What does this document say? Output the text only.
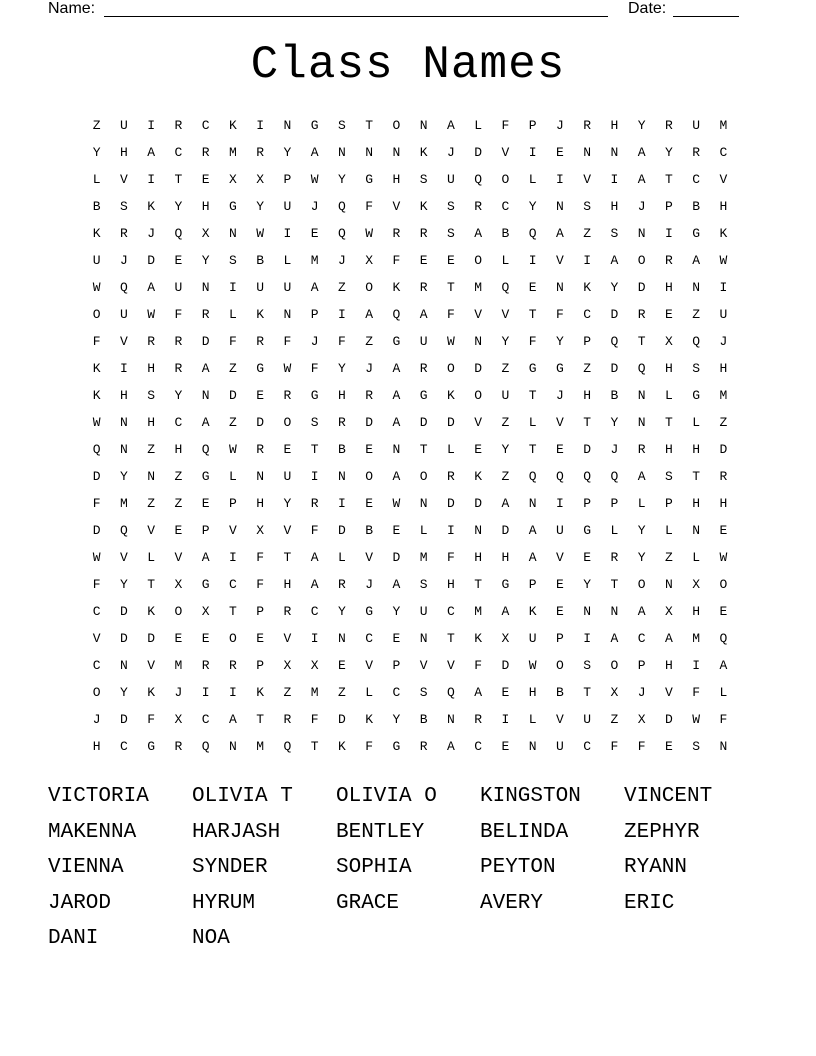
Name:	Date:
Class Names
Z	U	I	R	C	K	I	N	G	S	T	O	N	A	L	F	P	J	R	H	Y	R	U	M
Y	H	A	C	R	M	R	Y	A	N	N	N	K	J	D	V	I	E	N	N	A	Y	R	C
L	V	I	T	E	X	X	P	W	Y	G	H	S	U	Q	O	L	I	V	I	A	T	C	V
B	S	K	Y	H	G	Y	U	J	Q	F	V	K	S	R	C	Y	N	S	H	J	P	B	H
K	R	J	Q	X	N	W	I	E	Q	W	R	R	S	A	B	Q	A	Z	S	N	I	G	K
U	J	D	E	Y	S	B	L	M	J	X	F	E	E	O	L	I	V	I	A	O	R	A	W
W	Q	A	U	N	I	U	U	A	Z	O	K	R	T	M	Q	E	N	K	Y	D	H	N	I
O	U	W	F	R	L	K	N	P	I	A	Q	A	F	V	V	T	F	C	D	R	E	Z	U
F	V	R	R	D	F	R	F	J	F	Z	G	U	W	N	Y	F	Y	P	Q	T	X	Q	J
K	I	H	R	A	Z	G	W	F	Y	J	A	R	O	D	Z	G	G	Z	D	Q	H	S	H
K	H	S	Y	N	D	E	R	G	H	R	A	G	K	O	U	T	J	H	B	N	L	G	M
W	N	H	C	A	Z	D	O	S	R	D	A	D	D	V	Z	L	V	T	Y	N	T	L	Z
Q	N	Z	H	Q	W	R	E	T	B	E	N	T	L	E	Y	T	E	D	J	R	H	H	D
D	Y	N	Z	G	L	N	U	I	N	O	A	O	R	K	Z	Q	Q	Q	Q	A	S	T	R
F	M	Z	Z	E	P	H	Y	R	I	E	W	N	D	D	A	N	I	P	P	L	P	H	H
D	Q	V	E	P	V	X	V	F	D	B	E	L	I	N	D	A	U	G	L	Y	L	N	E
W	V	L	V	A	I	F	T	A	L	V	D	M	F	H	H	A	V	E	R	Y	Z	L	W
F	Y	T	X	G	C	F	H	A	R	J	A	S	H	T	G	P	E	Y	T	O	N	X	O
C	D	K	O	X	T	P	R	C	Y	G	Y	U	C	M	A	K	E	N	N	A	X	H	E
V	D	D	E	E	O	E	V	I	N	C	E	N	T	K	X	U	P	I	A	C	A	M	Q
C	N	V	M	R	R	P	X	X	E	V	P	V	V	F	D	W	O	S	O	P	H	I	A
O	Y	K	J	I	I	K	Z	M	Z	L	C	S	Q	A	E	H	B	T	X	J	V	F	L
J	D	F	X	C	A	T	R	F	D	K	Y	B	N	R	I	L	V	U	Z	X	D	W	F
H	C	G	R	Q	N	M	Q	T	K	F	G	R	A	C	E	N	U	C	F	F	E	S	N
VICTORIA	OLIVIA T	OLIVIA O	KINGSTON	VINCENT
MAKENNA	HARJASH	BENTLEY	BELINDA	ZEPHYR
VIENNA	SYNDER	SOPHIA	PEYTON	RYANN
JAROD	HYRUM	GRACE	AVERY	ERIC
DANI	NOA
